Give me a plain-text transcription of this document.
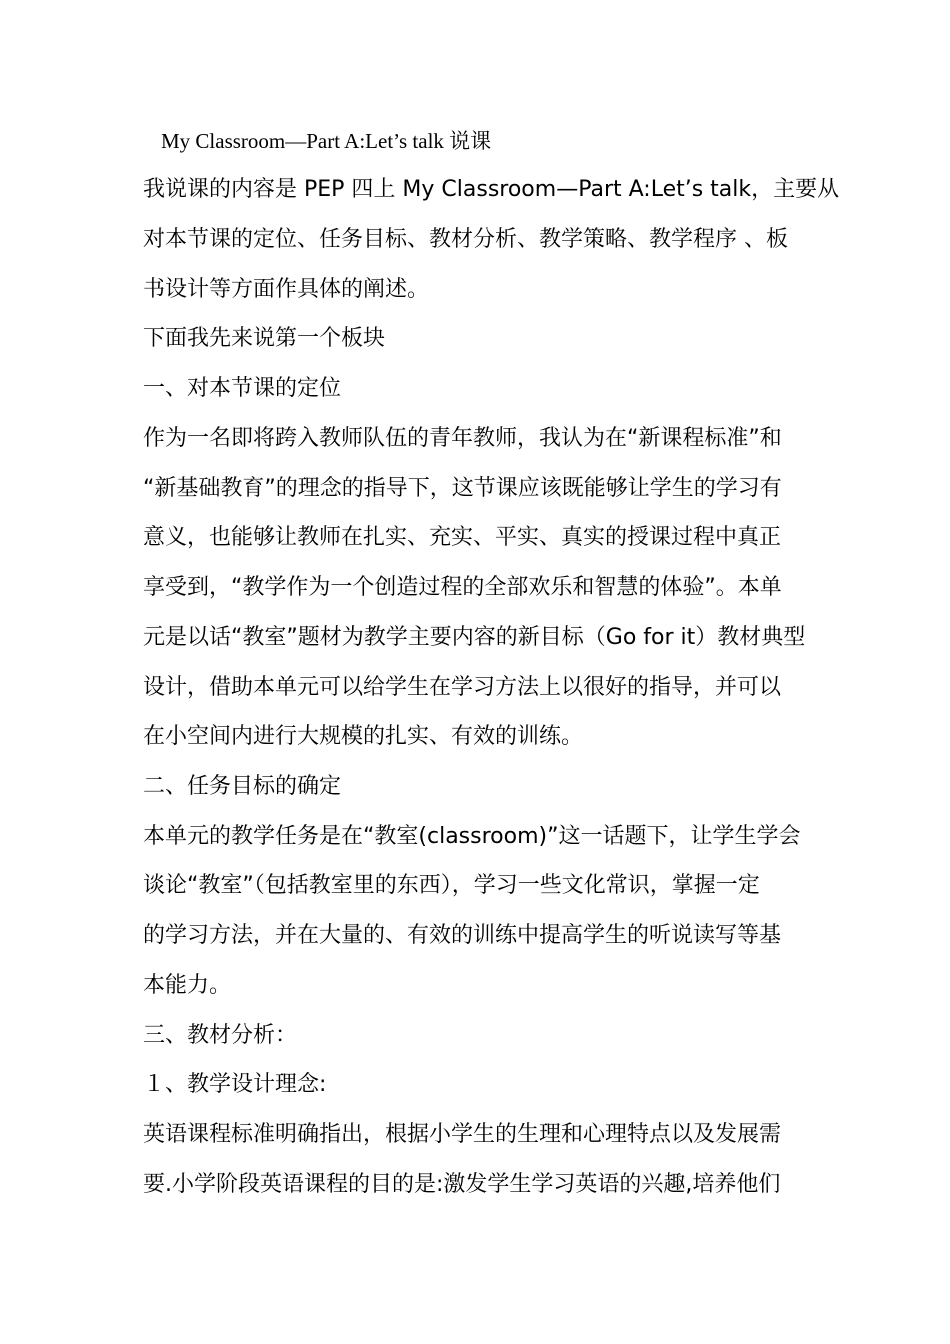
My Classroom—Part A:Let’s talk 说课
我说课的内容是 PEP 四上 My Classroom—Part A:Let’s talk，主要从
对本节课的定位、任务目标、教材分析、教学策略、教学程序 、板
书设计等方面作具体的阐述。
下面我先来说第一个板块
一、对本节课的定位
作为一名即将跨入教师队伍的青年教师，我认为在“新课程标准”和
“新基础教育”的理念的指导下，这节课应该既能够让学生的学习有
意义，也能够让教师在扎实、充实、平实、真实的授课过程中真正
享受到，“教学作为一个创造过程的全部欢乐和智慧的体验”。本单
元是以话“教室”题材为教学主要内容的新目标（Go for it）教材典型
设计，借助本单元可以给学生在学习方法上以很好的指导，并可以
在小空间内进行大规模的扎实、有效的训练。
二、任务目标的确定
本单元的教学任务是在“教室(classroom)”这一话题下，让学生学会
谈论“教室”（包括教室里的东西），学习一些文化常识，掌握一定
的学习方法，并在大量的、有效的训练中提高学生的听说读写等基
本能力。
三、教材分析：
１、教学设计理念:
英语课程标准明确指出，根据小学生的生理和心理特点以及发展需
要.小学阶段英语课程的目的是:激发学生学习英语的兴趣,培养他们
